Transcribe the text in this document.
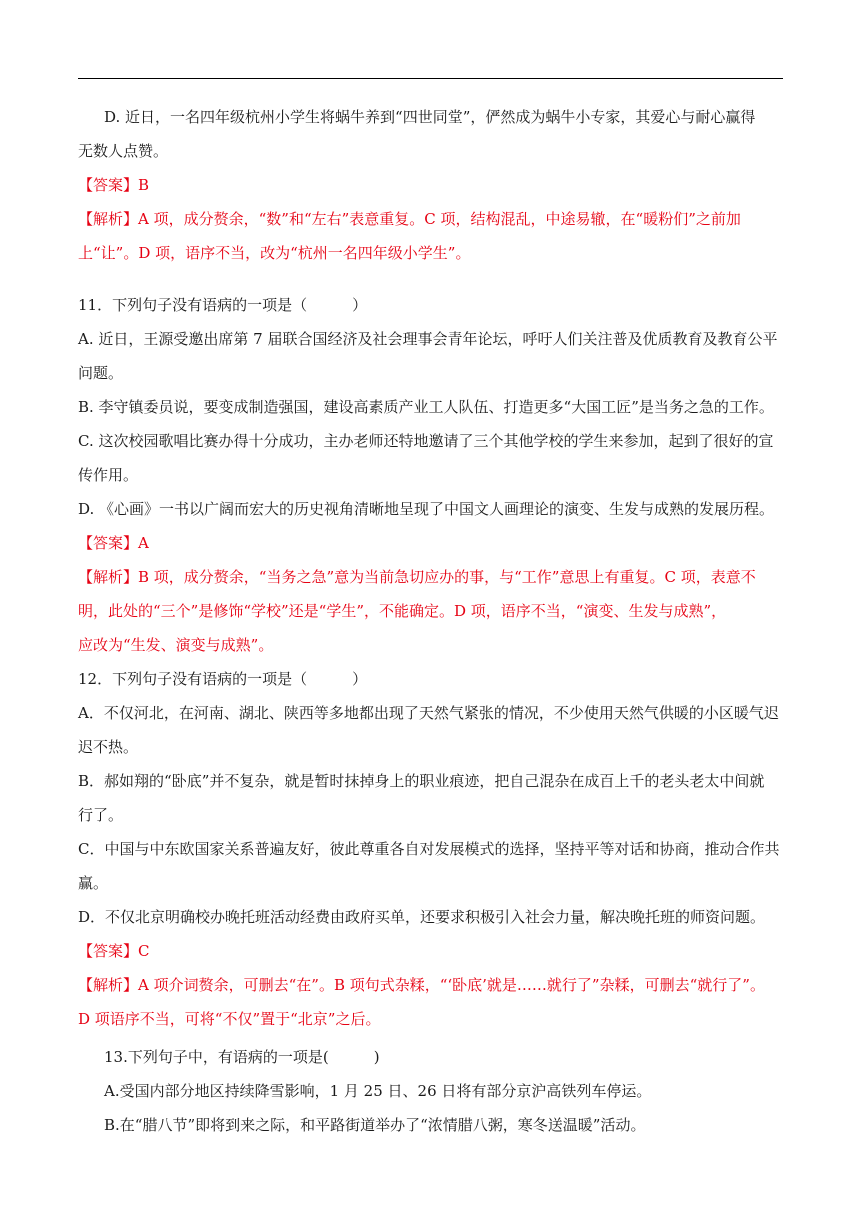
D. 近日，一名四年级杭州小学生将蜗牛养到“四世同堂”，俨然成为蜗牛小专家，其爱心与耐心赢得
无数人点赞。
【答案】B
【解析】A 项，成分赘余，“数”和“左右”表意重复。C 项，结构混乱，中途易辙，在“暖粉们”之前加
上“让”。D 项，语序不当，改为“杭州一名四年级小学生”。
11．下列句子没有语病的一项是（　　　）
A. 近日，王源受邀出席第 7 届联合国经济及社会理事会青年论坛，呼吁人们关注普及优质教育及教育公平
问题。
B. 李守镇委员说，要变成制造强国，建设高素质产业工人队伍、打造更多“大国工匠”是当务之急的工作。
C. 这次校园歌唱比赛办得十分成功，主办老师还特地邀请了三个其他学校的学生来参加，起到了很好的宣
传作用。
D. 《心画》一书以广阔而宏大的历史视角清晰地呈现了中国文人画理论的演变、生发与成熟的发展历程。
【答案】A
【解析】B 项，成分赘余，“当务之急”意为当前急切应办的事，与“工作”意思上有重复。C 项，表意不
明，此处的“三个”是修饰“学校”还是“学生”，不能确定。D 项，语序不当，“演变、生发与成熟”，
应改为“生发、演变与成熟”。
12．下列句子没有语病的一项是（　　　）
A．不仅河北，在河南、湖北、陕西等多地都出现了天然气紧张的情况，不少使用天然气供暖的小区暖气迟
迟不热。
B．郝如翔的“卧底”并不复杂，就是暂时抹掉身上的职业痕迹，把自己混杂在成百上千的老头老太中间就
行了。
C．中国与中东欧国家关系普遍友好，彼此尊重各自对发展模式的选择，坚持平等对话和协商，推动合作共
赢。
D．不仅北京明确校办晚托班活动经费由政府买单，还要求积极引入社会力量，解决晚托班的师资问题。
【答案】C
【解析】A 项介词赘余，可删去“在”。B 项句式杂糅，“‘卧底’就是……就行了”杂糅，可删去“就行了”。
D 项语序不当，可将“不仅”置于“北京”之后。
13.下列句子中，有语病的一项是(　　　)
A.受国内部分地区持续降雪影响，1 月 25 日、26 日将有部分京沪高铁列车停运。
B.在“腊八节”即将到来之际，和平路街道举办了“浓情腊八粥，寒冬送温暖”活动。
